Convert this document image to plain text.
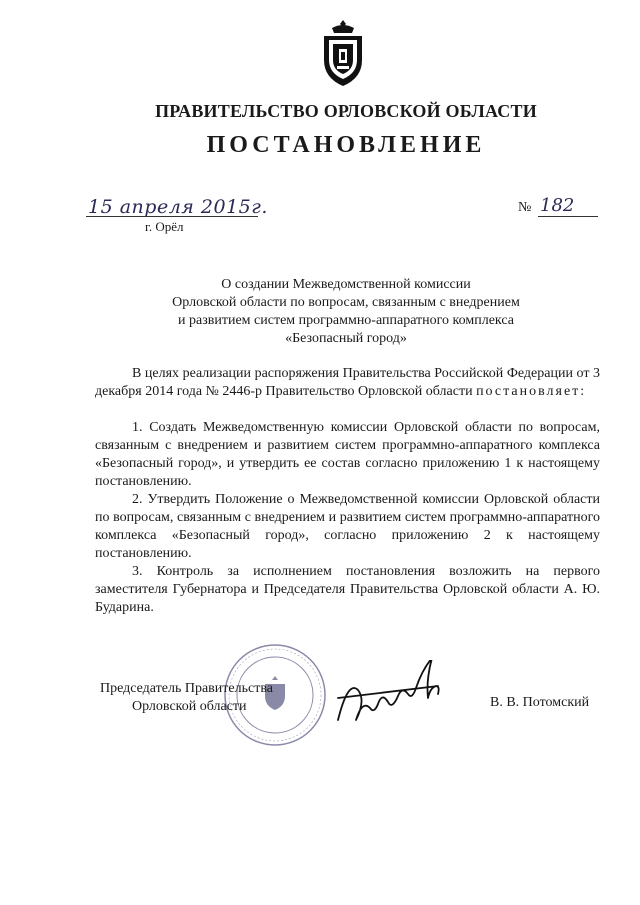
ПРАВИТЕЛЬСТВО ОРЛОВСКОЙ ОБЛАСТИ
ПОСТАНОВЛЕНИЕ
15 апреля 2015г.
г. Орёл
№ 182
О создании Межведомственной комиссии
Орловской области по вопросам, связанным с внедрением
и развитием систем программно-аппаратного комплекса
«Безопасный город»

В целях реализации распоряжения Правительства Российской Федерации от 3 декабря 2014 года № 2446-р Правительство Орловской области постановляет:

1. Создать Межведомственную комиссии Орловской области по вопросам, связанным с внедрением и развитием систем программно-аппаратного комплекса «Безопасный город», и утвердить ее состав согласно приложению 1 к настоящему постановлению.

2. Утвердить Положение о Межведомственной комиссии Орловской области по вопросам, связанным с внедрением и развитием систем программно-аппаратного комплекса «Безопасный город», согласно приложению 2 к настоящему постановлению.

3. Контроль за исполнением постановления возложить на первого заместителя Губернатора и Председателя Правительства Орловской области А. Ю. Бударина.

Председатель Правительства
Орловской области	В. В. Потомский
